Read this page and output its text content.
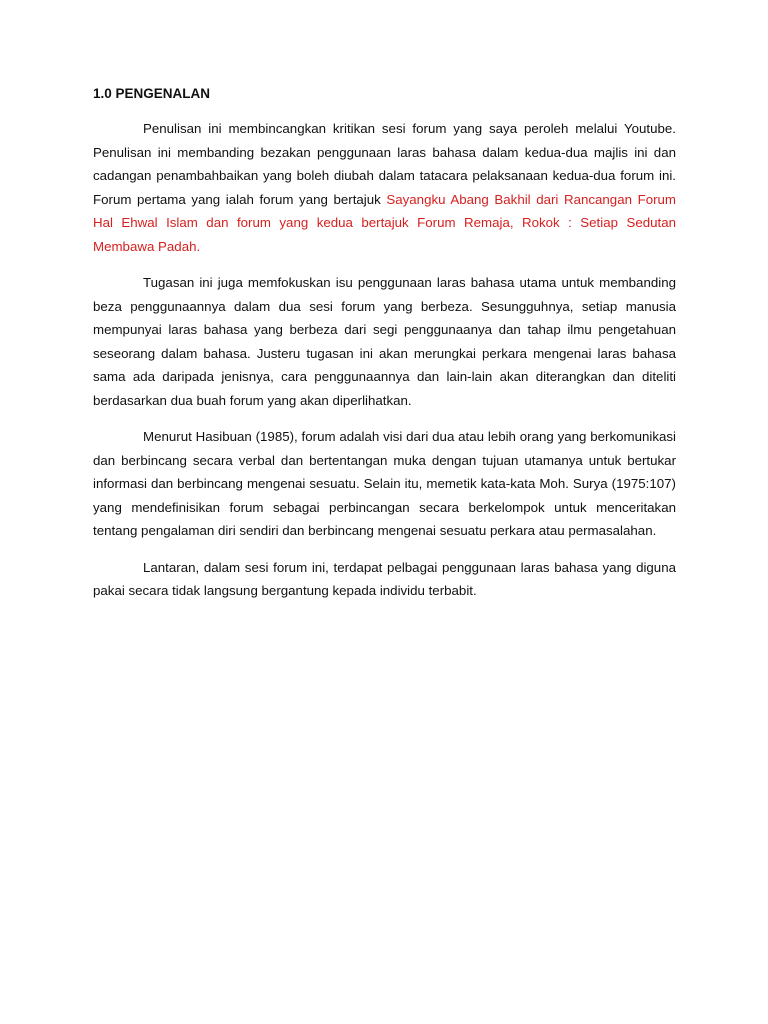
1.0 PENGENALAN

Penulisan ini membincangkan kritikan sesi forum yang saya peroleh melalui Youtube. Penulisan ini membanding bezakan penggunaan laras bahasa dalam kedua-dua majlis ini dan cadangan penambahbaikan yang boleh diubah dalam tatacara pelaksanaan kedua-dua forum ini. Forum pertama yang ialah forum yang bertajuk Sayangku Abang Bakhil dari Rancangan Forum Hal Ehwal Islam dan forum yang kedua bertajuk Forum Remaja, Rokok : Setiap Sedutan Membawa Padah.

Tugasan ini juga memfokuskan isu penggunaan laras bahasa utama untuk membanding beza penggunaannya dalam dua sesi forum yang berbeza. Sesungguhnya, setiap manusia mempunyai laras bahasa yang berbeza dari segi penggunaanya dan tahap ilmu pengetahuan seseorang dalam bahasa. Justeru tugasan ini akan merungkai perkara mengenai laras bahasa sama ada daripada jenisnya, cara penggunaannya dan lain-lain akan diterangkan dan diteliti berdasarkan dua buah forum yang akan diperlihatkan.

Menurut Hasibuan (1985), forum adalah visi dari dua atau lebih orang yang berkomunikasi dan berbincang secara verbal dan bertentangan muka dengan tujuan utamanya untuk bertukar informasi dan berbincang mengenai sesuatu. Selain itu, memetik kata-kata Moh. Surya (1975:107) yang mendefinisikan forum sebagai perbincangan secara berkelompok untuk menceritakan tentang pengalaman diri sendiri dan berbincang mengenai sesuatu perkara atau permasalahan.

Lantaran, dalam sesi forum ini, terdapat pelbagai penggunaan laras bahasa yang diguna pakai secara tidak langsung bergantung kepada individu terbabit.
